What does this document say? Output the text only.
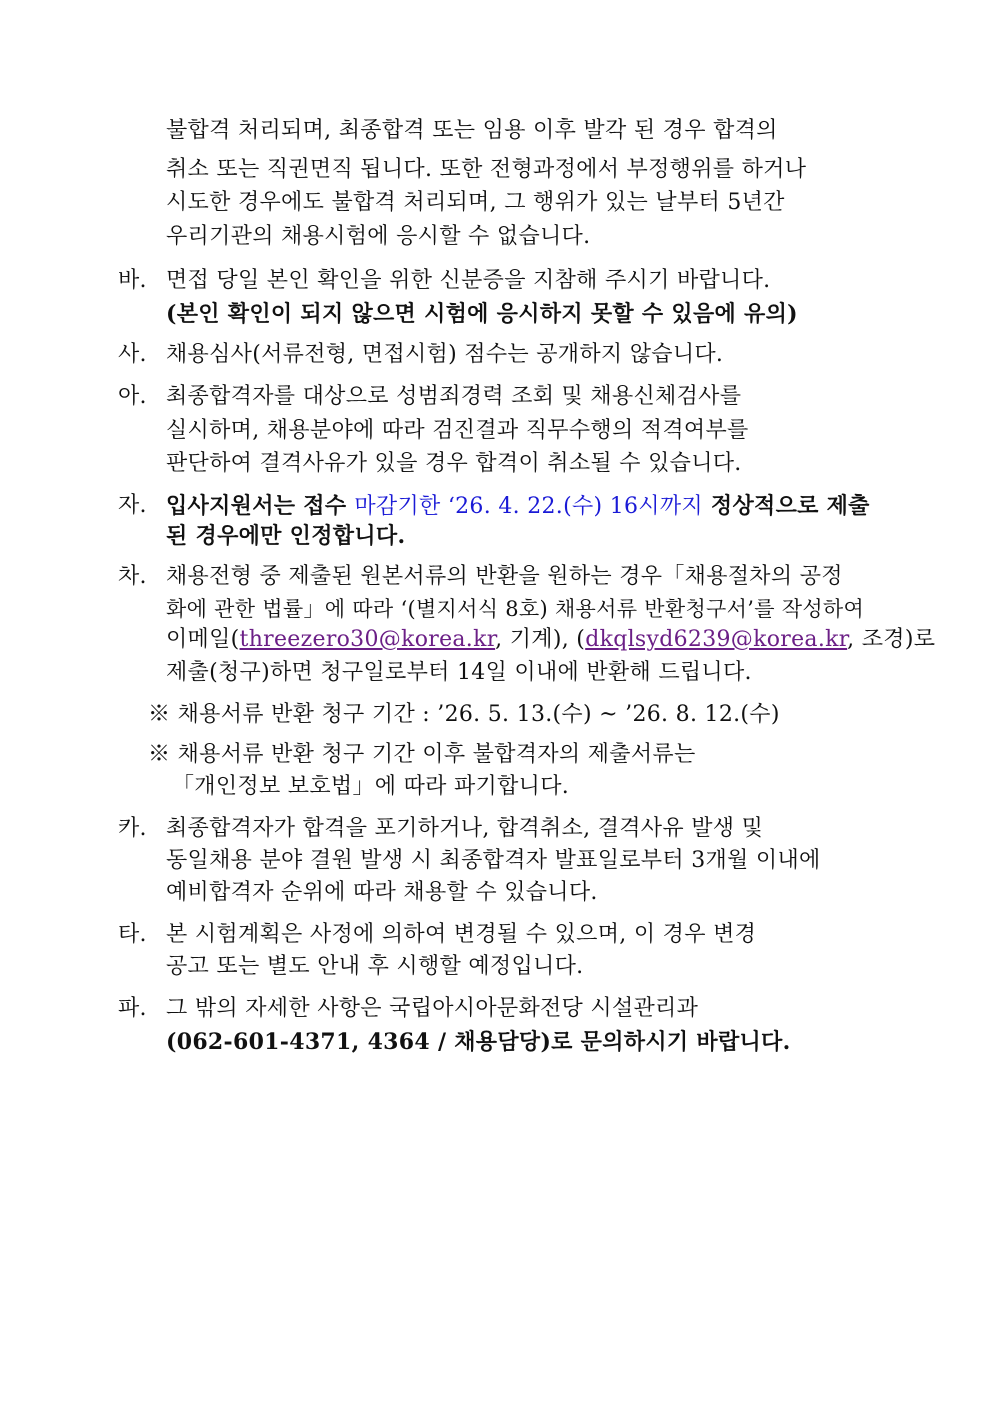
불합격 처리되며, 최종합격 또는 임용 이후 발각 된 경우 합격의
취소 또는 직권면직 됩니다. 또한 전형과정에서 부정행위를 하거나
시도한 경우에도 불합격 처리되며, 그 행위가 있는 날부터 5년간
우리기관의 채용시험에 응시할 수 없습니다.
바. 면접 당일 본인 확인을 위한 신분증을 지참해 주시기 바랍니다.
(본인 확인이 되지 않으면 시험에 응시하지 못할 수 있음에 유의)
사. 채용심사(서류전형, 면접시험) 점수는 공개하지 않습니다.
아. 최종합격자를 대상으로 성범죄경력 조회 및 채용신체검사를
실시하며, 채용분야에 따라 검진결과 직무수행의 적격여부를
판단하여 결격사유가 있을 경우 합격이 취소될 수 있습니다.
자. 입사지원서는 접수 마감기한 ‘26. 4. 22.(수) 16시까지 정상적으로 제출
된 경우에만 인정합니다.
차. 채용전형 중 제출된 원본서류의 반환을 원하는 경우「채용절차의 공정
화에 관한 법률」에 따라 ‘(별지서식 8호) 채용서류 반환청구서’를 작성하여
이메일(threezero30@korea.kr, 기계), (dkqlsyd6239@korea.kr, 조경)로
제출(청구)하면 청구일로부터 14일 이내에 반환해 드립니다.
※ 채용서류 반환 청구 기간 : ’26. 5. 13.(수) ~ ’26. 8. 12.(수)
※ 채용서류 반환 청구 기간 이후 불합격자의 제출서류는
「개인정보 보호법」에 따라 파기합니다.
카. 최종합격자가 합격을 포기하거나, 합격취소, 결격사유 발생 및
동일채용 분야 결원 발생 시 최종합격자 발표일로부터 3개월 이내에
예비합격자 순위에 따라 채용할 수 있습니다.
타. 본 시험계획은 사정에 의하여 변경될 수 있으며, 이 경우 변경
공고 또는 별도 안내 후 시행할 예정입니다.
파. 그 밖의 자세한 사항은 국립아시아문화전당 시설관리과
(062-601-4371, 4364 / 채용담당)로 문의하시기 바랍니다.
